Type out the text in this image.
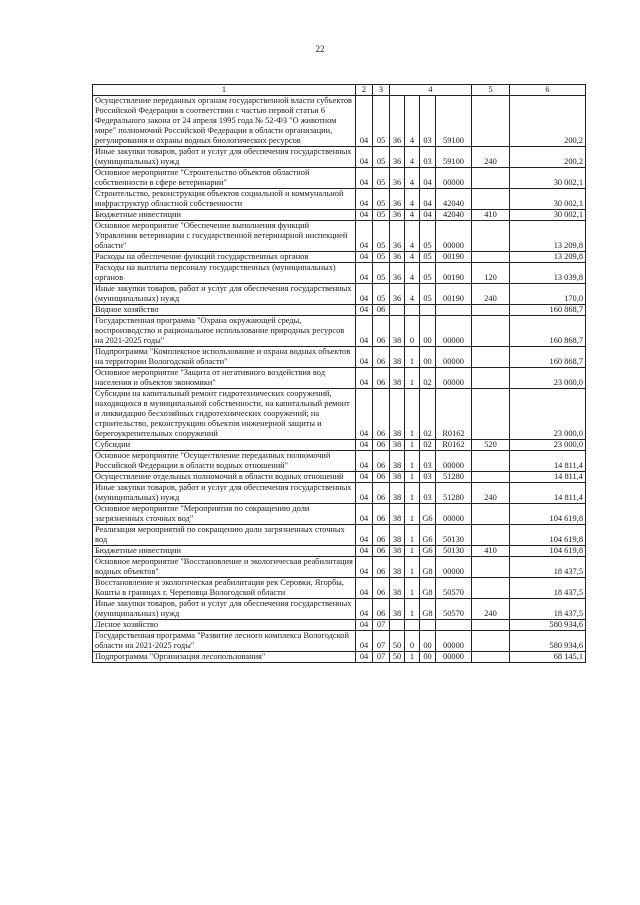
22
1	2	3	4				5	6
Осуществление переданных органам государственной власти субъектов Российской Федерации в соответствии с частью первой статьи 6 Федерального закона от 24 апреля 1995 года № 52-ФЗ "О животном мире" полномочий Российской Федерации в области организации, регулирования и охраны водных биологических ресурсов	04	05	36	4	03	59100		200,2
Иные закупки товаров, работ и услуг для обеспечения государственных (муниципальных) нужд	04	05	36	4	03	59100	240	200,2
Основное мероприятие "Строительство объектов областной собственности в сфере ветеринарии"	04	05	36	4	04	00000		30 002,1
Строительство, реконструкция объектов социальной и коммунальной инфраструктур областной собственности	04	05	36	4	04	42040		30 002,1
Бюджетные инвестиции	04	05	36	4	04	42040	410	30 002,1
Основное мероприятие "Обеспечение выполнения функций Управления ветеринарии с государственной ветеринарной инспекцией области"	04	05	36	4	05	00000		13 209,8
Расходы на обеспечение функций государственных органов	04	05	36	4	05	00190		13 209,8
Расходы на выплаты персоналу государственных (муниципальных) органов	04	05	36	4	05	00190	120	13 039,8
Иные закупки товаров, работ и услуг для обеспечения государственных (муниципальных) нужд	04	05	36	4	05	00190	240	170,0
Водное хозяйство	04	06						160 868,7
Государственная программа "Охрана окружающей среды, воспроизводство и рациональное использование природных ресурсов на 2021-2025 годы"	04	06	38	0	00	00000		160 868,7
Подпрограмма "Комплексное использование и охрана водных объектов на территории Вологодской области"	04	06	38	1	00	00000		160 868,7
Основное мероприятие "Защита от негативного воздействия вод населения и объектов экономики"	04	06	38	1	02	00000		23 000,0
Субсидии на капитальный ремонт гидротехнических сооружений, находящихся в муниципальной собственности, на капитальный ремонт и ликвидацию бесхозяйных гидротехнических сооружений; на строительство, реконструкцию объектов инженерной защиты и берегоукрепительных сооружений	04	06	38	1	02	R0162		23 000,0
Субсидии	04	06	38	1	02	R0162	520	23 000,0
Основное мероприятие "Осуществление переданных полномочий Российской Федерации в области водных отношений"	04	06	38	1	03	00000		14 811,4
Осуществление отдельных полномочий в области водных отношений	04	06	38	1	03	51280		14 811,4
Иные закупки товаров, работ и услуг для обеспечения государственных (муниципальных) нужд	04	06	38	1	03	51280	240	14 811,4
Основное мероприятие "Мероприятия по сокращению доли загрязненных сточных вод"	04	06	38	1	G6	00000		104 619,8
Реализация мероприятий по сокращению доли загрязненных сточных вод	04	06	38	1	G6	50130		104 619,8
Бюджетные инвестиции	04	06	38	1	G6	50130	410	104 619,8
Основное мероприятие "Восстановление и экологическая реабилитация водных объектов"	04	06	38	1	G8	00000		18 437,5
Восстановление и экологическая реабилитация рек Серовки, Ягорбы, Кошты в границах г. Череповца Вологодской области	04	06	38	1	G8	50570		18 437,5
Иные закупки товаров, работ и услуг для обеспечения государственных (муниципальных) нужд	04	06	38	1	G8	50570	240	18 437,5
Лесное хозяйство	04	07						580 934,6
Государственная программа "Развитие лесного комплекса Вологодской области на 2021-2025 годы"	04	07	50	0	00	00000		580 934,6
Подпрограмма "Организация лесопользования"	04	07	50	1	00	00000		68 145,1
